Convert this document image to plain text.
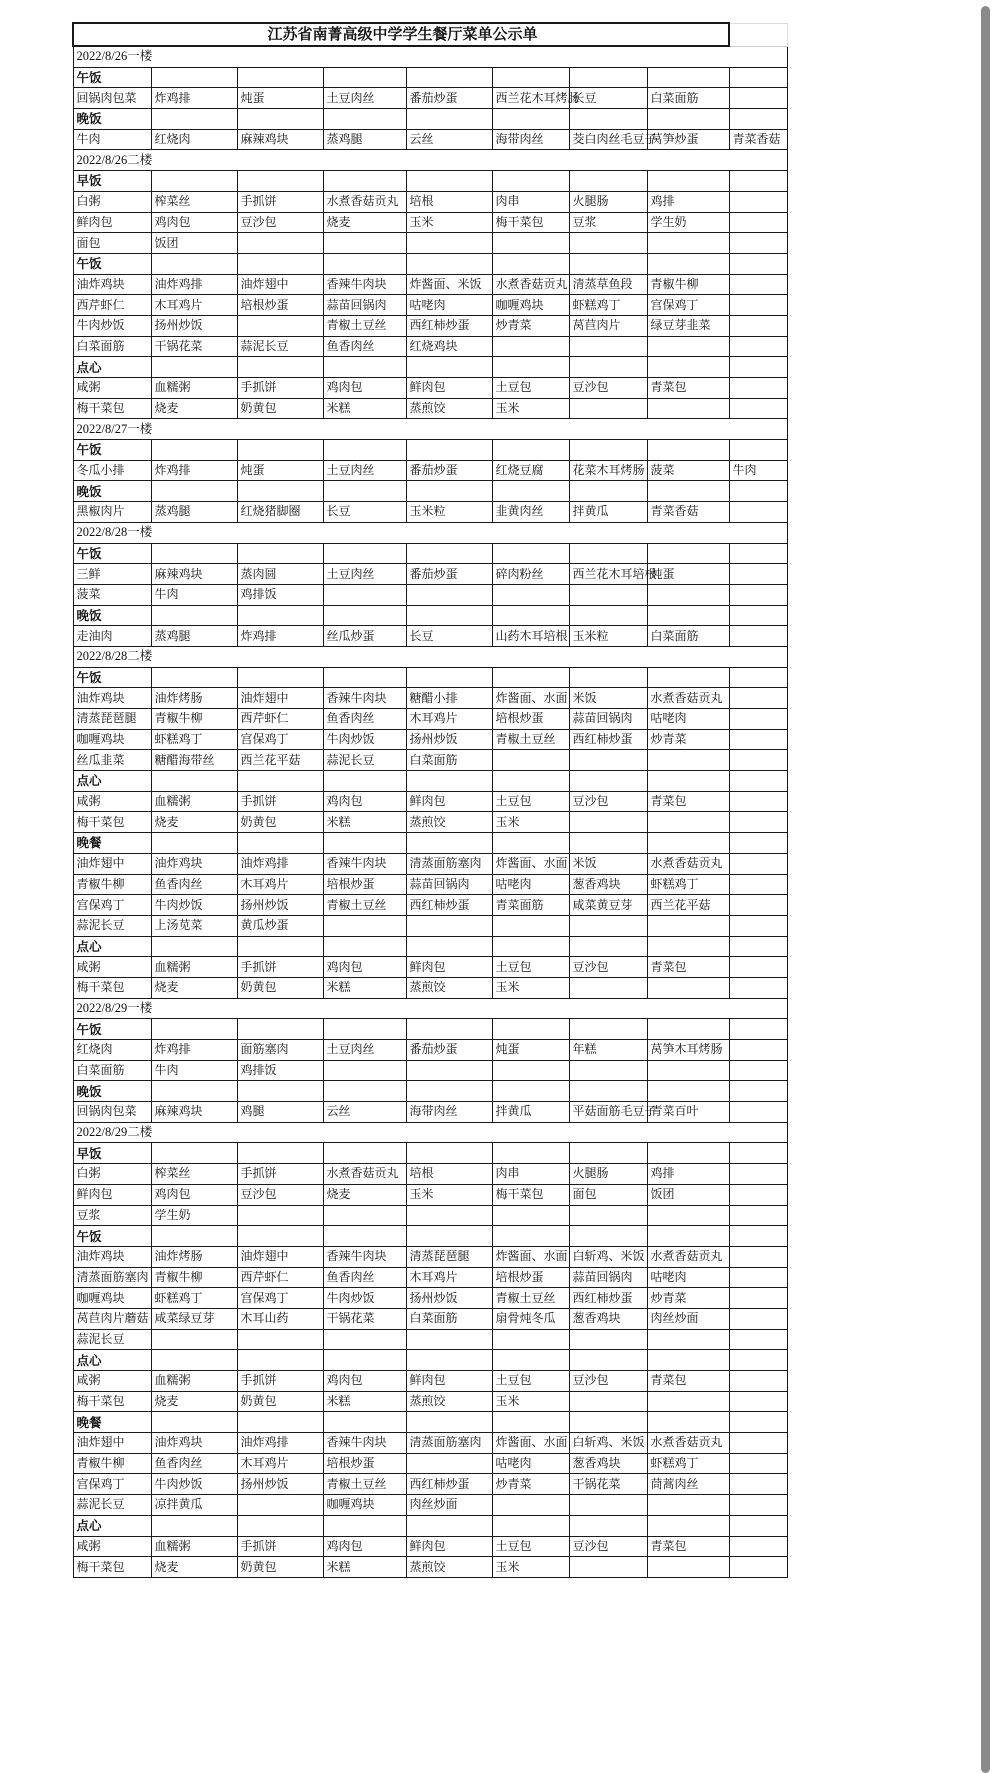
江苏省南菁高级中学学生餐厅菜单公示单								
2022/8/26一楼								
午饭								
回锅肉包菜	炸鸡排	炖蛋	土豆肉丝	番茄炒蛋	西兰花木耳烤肠	长豆	白菜面筋	
晚饭								
牛肉	红烧肉	麻辣鸡块	蒸鸡腿	云丝	海带肉丝	茭白肉丝毛豆子	莴笋炒蛋	青菜香菇
2022/8/26二楼								
早饭								
白粥	榨菜丝	手抓饼	水煮香菇贡丸	培根	肉串	火腿肠	鸡排	
鲜肉包	鸡肉包	豆沙包	烧麦	玉米	梅干菜包	豆浆	学生奶	
面包	饭团							
午饭								
油炸鸡块	油炸鸡排	油炸翅中	香辣牛肉块	炸酱面、米饭	水煮香菇贡丸	清蒸草鱼段	青椒牛柳	
西芹虾仁	木耳鸡片	培根炒蛋	蒜苗回锅肉	咕咾肉	咖喱鸡块	虾糕鸡丁	宫保鸡丁	
牛肉炒饭	扬州炒饭		青椒土豆丝	西红柿炒蛋	炒青菜	莴苣肉片	绿豆芽韭菜	
白菜面筋	干锅花菜	蒜泥长豆	鱼香肉丝	红烧鸡块				
点心								
咸粥	血糯粥	手抓饼	鸡肉包	鲜肉包	土豆包	豆沙包	青菜包	
梅干菜包	烧麦	奶黄包	米糕	蒸煎饺	玉米			
2022/8/27一楼								
午饭								
冬瓜小排	炸鸡排	炖蛋	土豆肉丝	番茄炒蛋	红烧豆腐	花菜木耳烤肠	菠菜	牛肉
晚饭								
黑椒肉片	蒸鸡腿	红烧猪脚圈	长豆	玉米粒	韭黄肉丝	拌黄瓜	青菜香菇	
2022/8/28一楼								
午饭								
三鲜	麻辣鸡块	蒸肉圆	土豆肉丝	番茄炒蛋	碎肉粉丝	西兰花木耳培根	炖蛋	
菠菜	牛肉	鸡排饭						
晚饭								
走油肉	蒸鸡腿	炸鸡排	丝瓜炒蛋	长豆	山药木耳培根	玉米粒	白菜面筋	
2022/8/28二楼								
午饭								
油炸鸡块	油炸烤肠	油炸翅中	香辣牛肉块	糖醋小排	炸酱面、水面	米饭	水煮香菇贡丸	
清蒸琵琶腿	青椒牛柳	西芹虾仁	鱼香肉丝	木耳鸡片	培根炒蛋	蒜苗回锅肉	咕咾肉	
咖喱鸡块	虾糕鸡丁	宫保鸡丁	牛肉炒饭	扬州炒饭	青椒土豆丝	西红柿炒蛋	炒青菜	
丝瓜韭菜	糖醋海带丝	西兰花平菇	蒜泥长豆	白菜面筋				
点心								
咸粥	血糯粥	手抓饼	鸡肉包	鲜肉包	土豆包	豆沙包	青菜包	
梅干菜包	烧麦	奶黄包	米糕	蒸煎饺	玉米			
晚餐								
油炸翅中	油炸鸡块	油炸鸡排	香辣牛肉块	清蒸面筋塞肉	炸酱面、水面	米饭	水煮香菇贡丸	
青椒牛柳	鱼香肉丝	木耳鸡片	培根炒蛋	蒜苗回锅肉	咕咾肉	葱香鸡块	虾糕鸡丁	
宫保鸡丁	牛肉炒饭	扬州炒饭	青椒土豆丝	西红柿炒蛋	青菜面筋	咸菜黄豆芽	西兰花平菇	
蒜泥长豆	上汤苋菜	黄瓜炒蛋						
点心								
咸粥	血糯粥	手抓饼	鸡肉包	鲜肉包	土豆包	豆沙包	青菜包	
梅干菜包	烧麦	奶黄包	米糕	蒸煎饺	玉米			
2022/8/29一楼								
午饭								
红烧肉	炸鸡排	面筋塞肉	土豆肉丝	番茄炒蛋	炖蛋	年糕	莴笋木耳烤肠	
白菜面筋	牛肉	鸡排饭						
晚饭								
回锅肉包菜	麻辣鸡块	鸡腿	云丝	海带肉丝	拌黄瓜	平菇面筋毛豆子	青菜百叶	
2022/8/29二楼								
早饭								
白粥	榨菜丝	手抓饼	水煮香菇贡丸	培根	肉串	火腿肠	鸡排	
鲜肉包	鸡肉包	豆沙包	烧麦	玉米	梅干菜包	面包	饭团	
豆浆	学生奶							
午饭								
油炸鸡块	油炸烤肠	油炸翅中	香辣牛肉块	清蒸琵琶腿	炸酱面、水面	白斩鸡、米饭	水煮香菇贡丸	
清蒸面筋塞肉	青椒牛柳	西芹虾仁	鱼香肉丝	木耳鸡片	培根炒蛋	蒜苗回锅肉	咕咾肉	
咖喱鸡块	虾糕鸡丁	宫保鸡丁	牛肉炒饭	扬州炒饭	青椒土豆丝	西红柿炒蛋	炒青菜	
莴苣肉片蘑菇	咸菜绿豆芽	木耳山药	干锅花菜	白菜面筋	扇骨炖冬瓜	葱香鸡块	肉丝炒面	
蒜泥长豆								
点心								
咸粥	血糯粥	手抓饼	鸡肉包	鲜肉包	土豆包	豆沙包	青菜包	
梅干菜包	烧麦	奶黄包	米糕	蒸煎饺	玉米			
晚餐								
油炸翅中	油炸鸡块	油炸鸡排	香辣牛肉块	清蒸面筋塞肉	炸酱面、水面	白斩鸡、米饭	水煮香菇贡丸	
青椒牛柳	鱼香肉丝	木耳鸡片	培根炒蛋		咕咾肉	葱香鸡块	虾糕鸡丁	
宫保鸡丁	牛肉炒饭	扬州炒饭	青椒土豆丝	西红柿炒蛋	炒青菜	干锅花菜	茼蒿肉丝	
蒜泥长豆	凉拌黄瓜		咖喱鸡块	肉丝炒面				
点心								
咸粥	血糯粥	手抓饼	鸡肉包	鲜肉包	土豆包	豆沙包	青菜包	
梅干菜包	烧麦	奶黄包	米糕	蒸煎饺	玉米			
